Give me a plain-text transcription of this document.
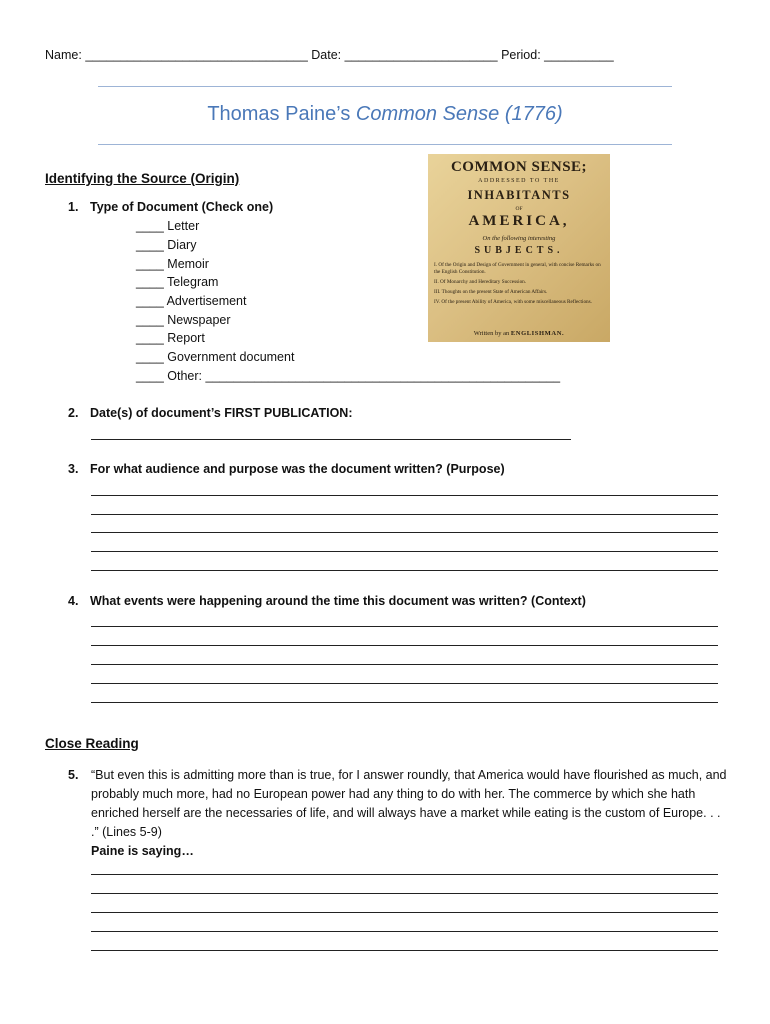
Name: ________________________________ Date: ______________________ Period: __________
Thomas Paine’s Common Sense (1776)
COMMON SENSE;
ADDRESSED TO THE
INHABITANTS
OF
AMERICA,
On the following interesting
SUBJECTS.
I. Of the Origin and Design of Government in general, with concise Remarks on the English Constitution.
II. Of Monarchy and Hereditary Succession.
III. Thoughts on the present State of American Affairs.
IV. Of the present Ability of America, with some miscellaneous Reflections.
Written by an ENGLISHMAN.
Identifying the Source (Origin)
1. Type of Document (Check one)
____ Letter
____ Diary
____ Memoir
____ Telegram
____ Advertisement
____ Newspaper
____ Report
____ Government document
____ Other: ___________________________________________________
2. Date(s) of document’s FIRST PUBLICATION:
3. For what audience and purpose was the document written? (Purpose)
4. What events were happening around the time this document was written? (Context)
Close Reading
5. “But even this is admitting more than is true, for I answer roundly, that America would have flourished as much, and probably much more, had no European power had any thing to do with her. The commerce by which she hath enriched herself are the necessaries of life, and will always have a market while eating is the custom of Europe. . . .” (Lines 5-9)
Paine is saying…
